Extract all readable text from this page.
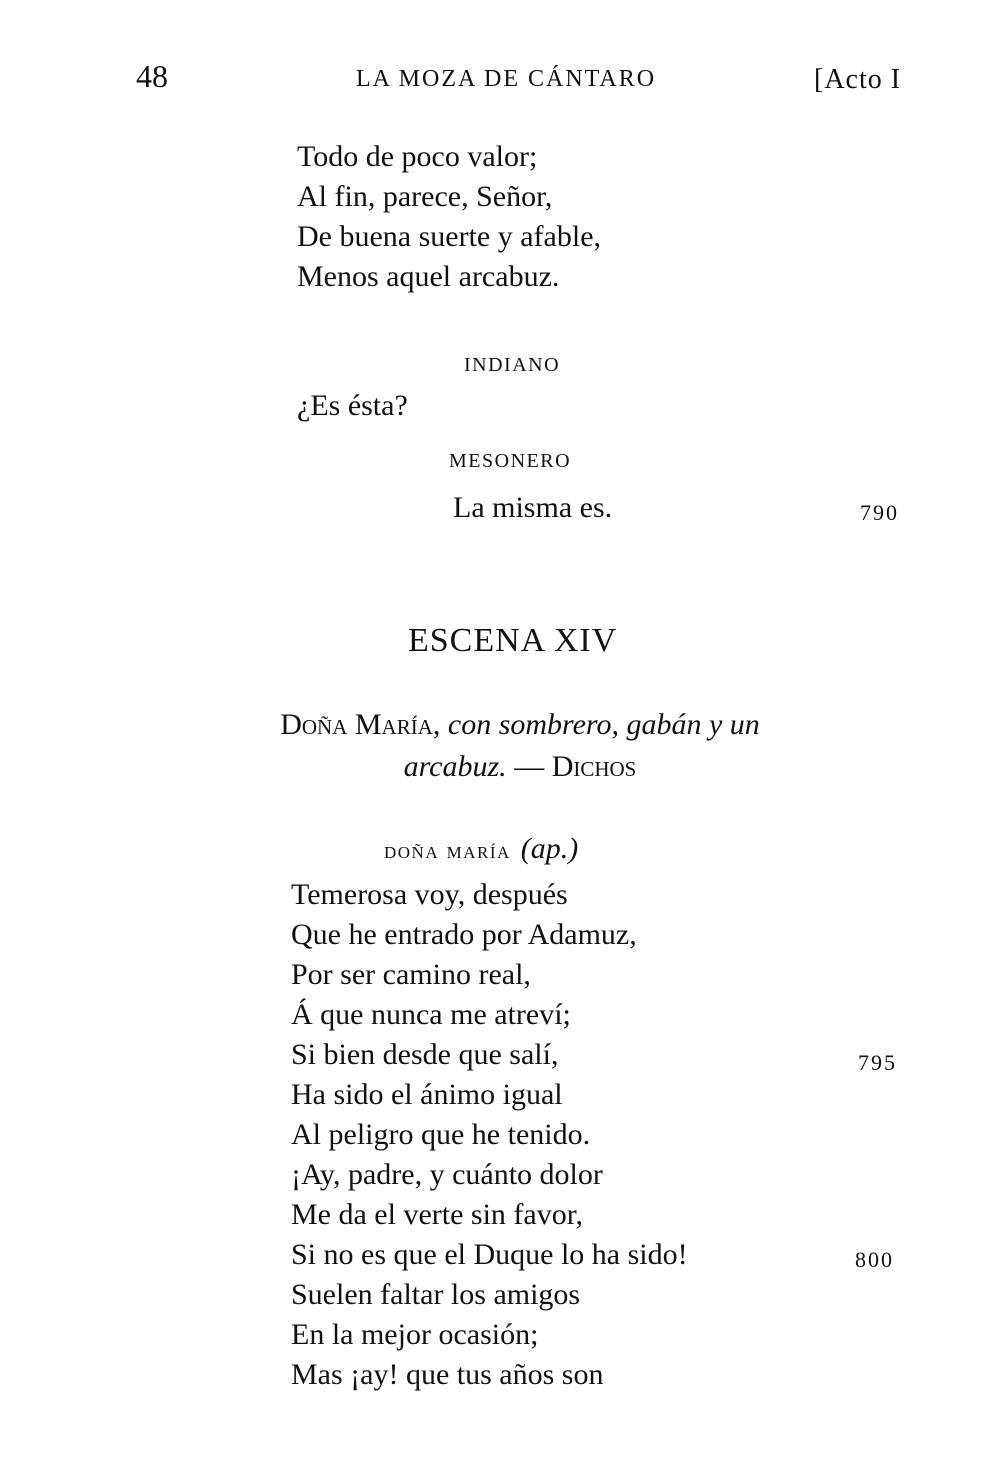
48	LA MOZA DE CÁNTARO	[Acto I
Todo de poco valor;
Al fin, parece, Señor,
De buena suerte y afable,
Menos aquel arcabuz.
INDIANO
¿Es ésta?
MESONERO
La misma es.	790
ESCENA XIV
Doña María, con sombrero, gabán y un
arcabuz. — Dichos
doña maría (ap.)
Temerosa voy, después
Que he entrado por Adamuz,
Por ser camino real,
Á que nunca me atreví;
Si bien desde que salí,
Ha sido el ánimo igual
Al peligro que he tenido.
¡Ay, padre, y cuánto dolor
Me da el verte sin favor,
Si no es que el Duque lo ha sido!
Suelen faltar los amigos
En la mejor ocasión;
Mas ¡ay! que tus años son
795
800
